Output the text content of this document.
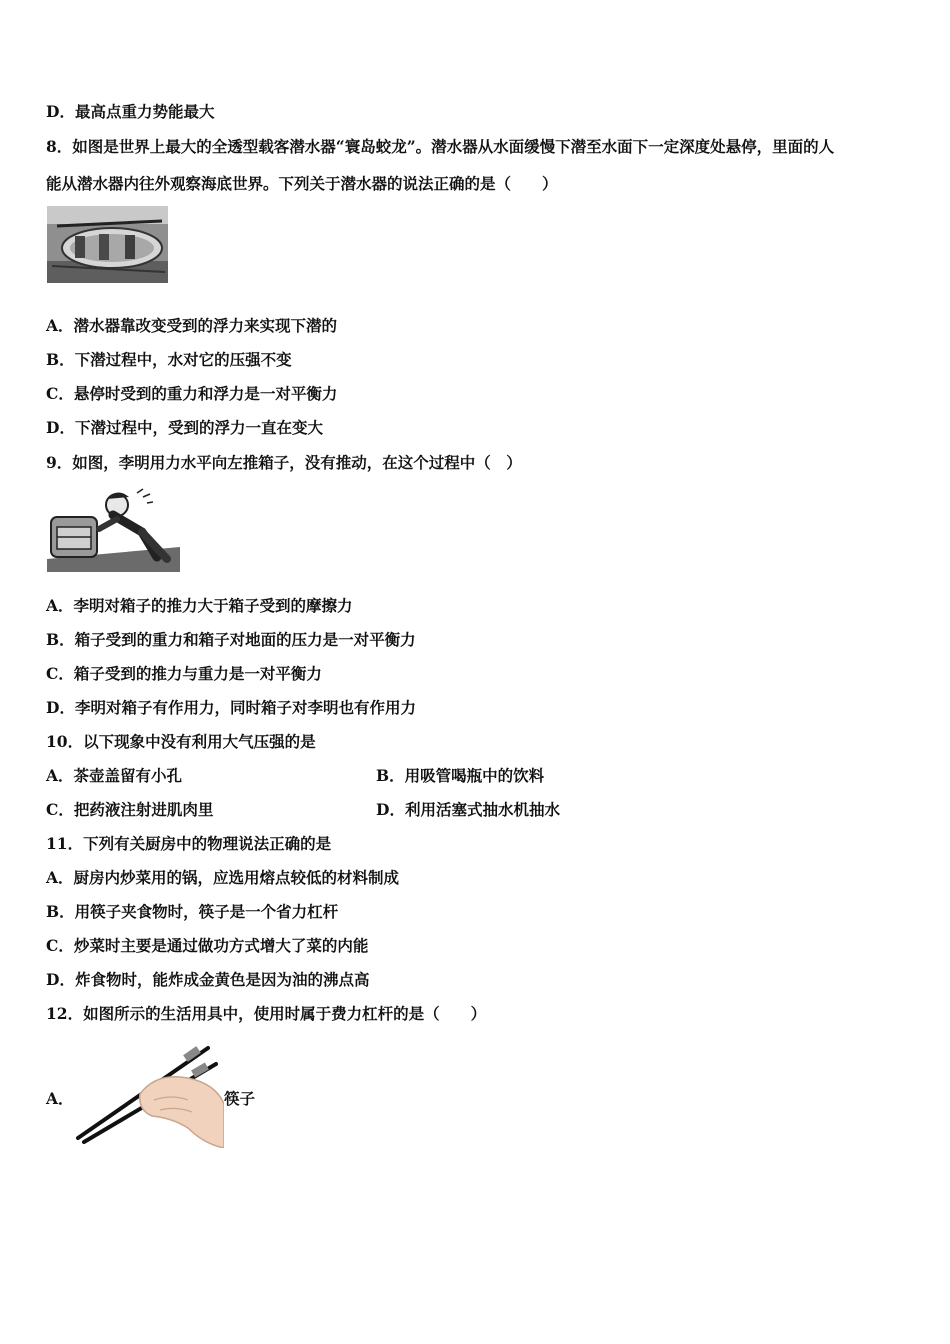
D．最高点重力势能最大
8．如图是世界上最大的全透型载客潜水器“寰岛蛟龙”。潜水器从水面缓慢下潜至水面下一定深度处悬停，里面的人
能从潜水器内往外观察海底世界。下列关于潜水器的说法正确的是（　　）
A．潜水器靠改变受到的浮力来实现下潜的
B．下潜过程中，水对它的压强不变
C．悬停时受到的重力和浮力是一对平衡力
D．下潜过程中，受到的浮力一直在变大
9．如图，李明用力水平向左推箱子，没有推动，在这个过程中（　）
A．李明对箱子的推力大于箱子受到的摩擦力
B．箱子受到的重力和箱子对地面的压力是一对平衡力
C．箱子受到的推力与重力是一对平衡力
D．李明对箱子有作用力，同时箱子对李明也有作用力
10．以下现象中没有利用大气压强的是
A．茶壶盖留有小孔	B．用吸管喝瓶中的饮料
C．把药液注射进肌肉里	D．利用活塞式抽水机抽水
11．下列有关厨房中的物理说法正确的是
A．厨房内炒菜用的锅，应选用熔点较低的材料制成
B．用筷子夹食物时，筷子是一个省力杠杆
C．炒菜时主要是通过做功方式增大了菜的内能
D．炸食物时，能炸成金黄色是因为油的沸点高
12．如图所示的生活用具中，使用时属于费力杠杆的是（　　）
A．	筷子
